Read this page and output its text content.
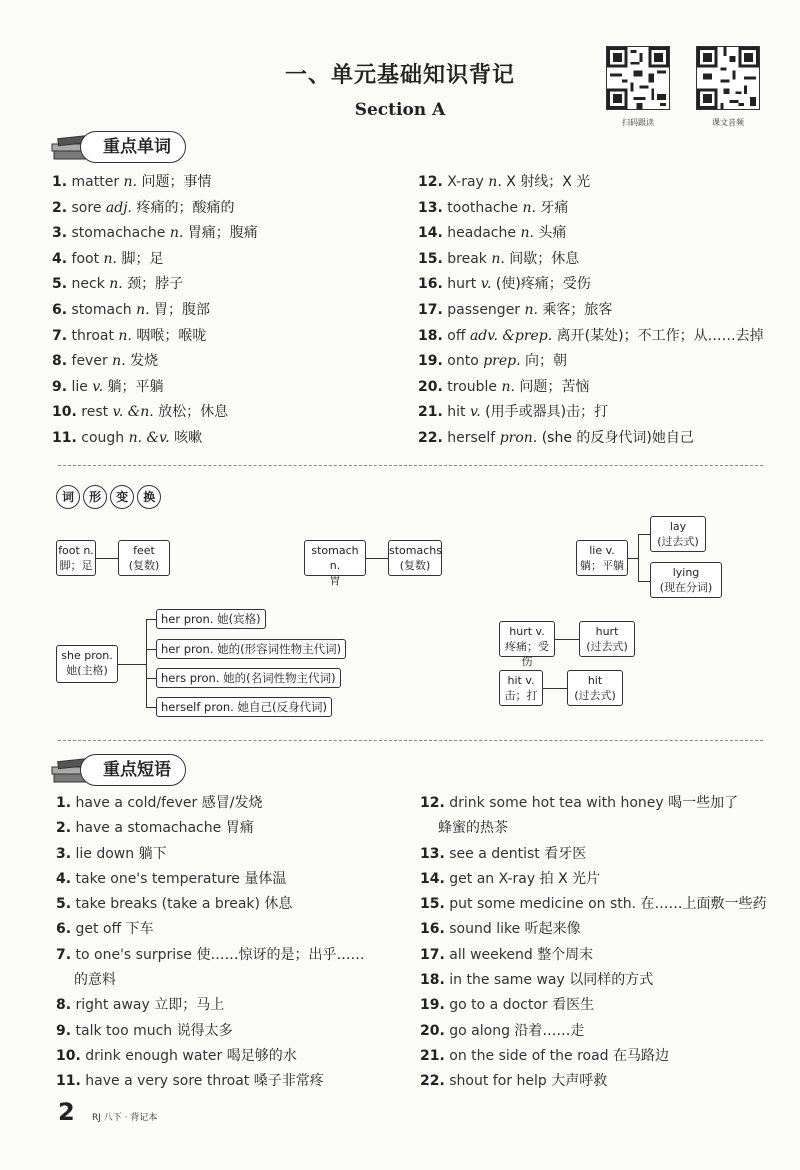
一、单元基础知识背记
Section A
扫码跟读	课文音频
重点单词
1. matter n. 问题；事情
2. sore adj. 疼痛的；酸痛的
3. stomachache n. 胃痛；腹痛
4. foot n. 脚；足
5. neck n. 颈；脖子
6. stomach n. 胃；腹部
7. throat n. 咽喉；喉咙
8. fever n. 发烧
9. lie v. 躺；平躺
10. rest v. &n. 放松；休息
11. cough n. &v. 咳嗽
12. X-ray n. X 射线；X 光
13. toothache n. 牙痛
14. headache n. 头痛
15. break n. 间歇；休息
16. hurt v. (使)疼痛；受伤
17. passenger n. 乘客；旅客
18. off adv. &prep. 离开(某处)；不工作；从……去掉
19. onto prep. 向；朝
20. trouble n. 问题；苦恼
21. hit v. (用手或器具)击；打
22. herself pron. (she 的反身代词)她自己
词 形 变 换
foot n.
脚；足
feet
(复数)
stomach n.
胃
stomachs
(复数)
lie v.
躺；平躺
lay
(过去式)
lying
(现在分词)
she pron.
她(主格)
her pron. 她(宾格)
her pron. 她的(形容词性物主代词)
hers pron. 她的(名词性物主代词)
herself pron. 她自己(反身代词)
hurt v.
疼痛；受伤
hurt
(过去式)
hit v.
击；打
hit
(过去式)
重点短语
1. have a cold/fever 感冒/发烧
2. have a stomachache 胃痛
3. lie down 躺下
4. take one's temperature 量体温
5. take breaks (take a break) 休息
6. get off 下车
7. to one's surprise 使……惊讶的是；出乎……
的意料
8. right away 立即；马上
9. talk too much 说得太多
10. drink enough water 喝足够的水
11. have a very sore throat 嗓子非常疼
12. drink some hot tea with honey 喝一些加了
蜂蜜的热茶
13. see a dentist 看牙医
14. get an X-ray 拍 X 光片
15. put some medicine on sth. 在……上面敷一些药
16. sound like 听起来像
17. all weekend 整个周末
18. in the same way 以同样的方式
19. go to a doctor 看医生
20. go along 沿着……走
21. on the side of the road 在马路边
22. shout for help 大声呼救
2 RJ 八下 · 背记本
